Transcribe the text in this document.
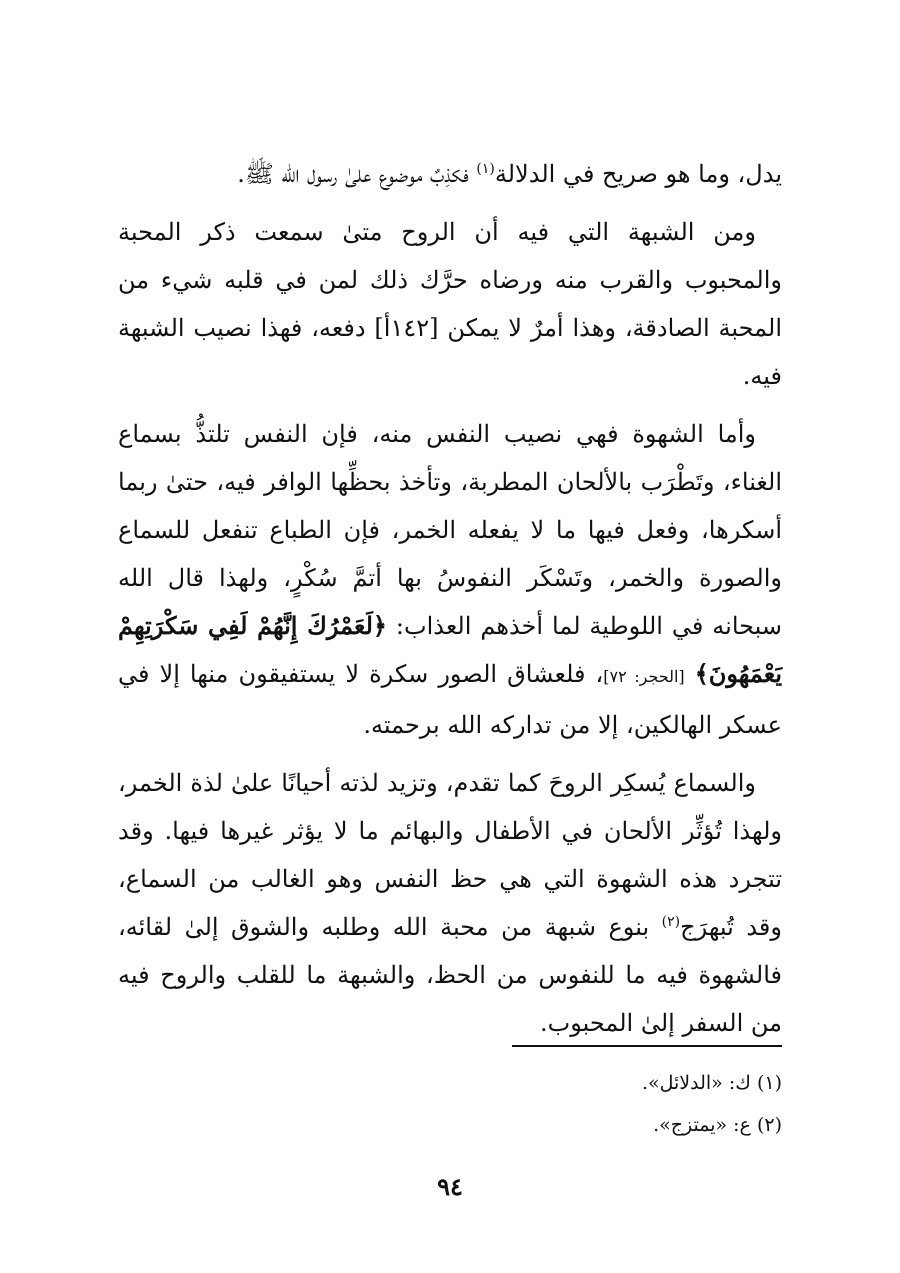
يدل، وما هو صريح في الدلالة$^{(١)}$ فكذِبٌ موضوع علىٰ رسول الله ﷺ.

ومن الشبهة التي فيه أن الروح متىٰ سمعت ذكر المحبة والمحبوب والقرب منه ورضاه حرَّك ذلك لمن في قلبه شيء من المحبة الصادقة، وهذا أمرٌ لا يمكن [١٤٢أ] دفعه، فهذا نصيب الشبهة فيه.

وأما الشهوة فهي نصيب النفس منه، فإن النفس تلتذُّ بسماع الغناء، وتَطْرَب بالألحان المطربة، وتأخذ بحظِّها الوافر فيه، حتىٰ ربما أسكرها، وفعل فيها ما لا يفعله الخمر، فإن الطباع تنفعل للسماع والصورة والخمر، وتَسْكَر النفوسُ بها أتمَّ سُكْرٍ، ولهذا قال الله سبحانه في اللوطية لما أخذهم العذاب: ﴿لَعَمْرُكَ إِنَّهُمْ لَفِي سَكْرَتِهِمْ يَعْمَهُونَ﴾ [الحجر: ٧٢]، فلعشاق الصور سكرة لا يستفيقون منها إلا في عسكر الهالكين، إلا من تداركه الله برحمته.

والسماع يُسكِر الروحَ كما تقدم، وتزيد لذته أحيانًا علىٰ لذة الخمر، ولهذا تُؤثِّر الألحان في الأطفال والبهائم ما لا يؤثر غيرها فيها. وقد تتجرد هذه الشهوة التي هي حظ النفس وهو الغالب من السماع، وقد تُبهرَج$^{(٢)}$ بنوع شبهة من محبة الله وطلبه والشوق إلىٰ لقائه، فالشهوة فيه ما للنفوس من الحظ، والشبهة ما للقلب والروح فيه من السفر إلىٰ المحبوب.

(١) ك: «الدلائل».
(٢) ع: «يمتزج».
٩٤
